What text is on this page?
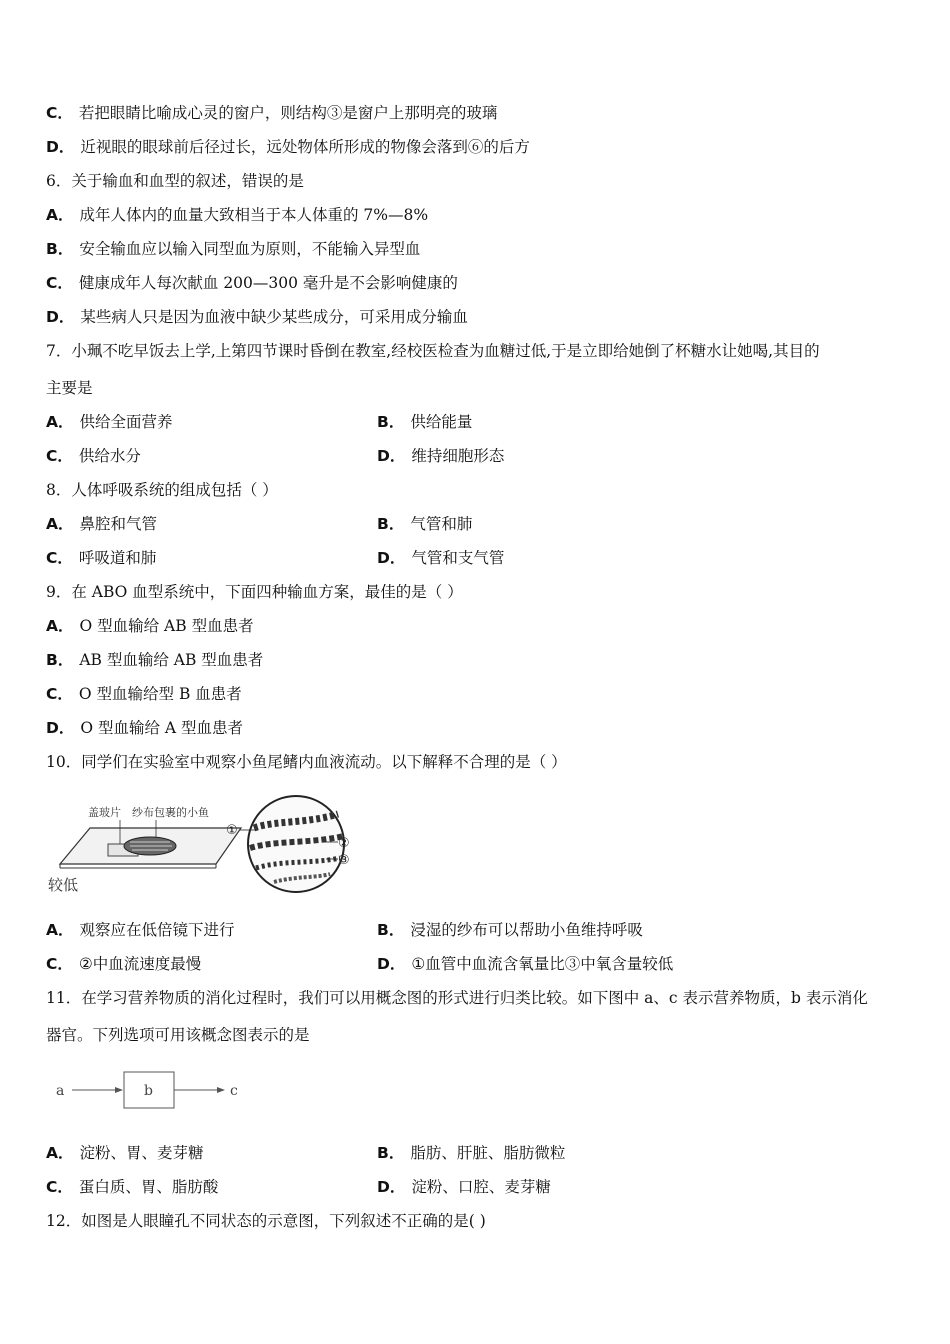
C． 若把眼睛比喻成心灵的窗户，则结构③是窗户上那明亮的玻璃
D． 近视眼的眼球前后径过长，远处物体所形成的物像会落到⑥的后方
6．关于输血和血型的叙述，错误的是
A． 成年人体内的血量大致相当于本人体重的 7%—8%
B． 安全输血应以输入同型血为原则，不能输入异型血
C． 健康成年人每次献血 200—300 毫升是不会影响健康的
D． 某些病人只是因为血液中缺少某些成分，可采用成分输血
7．小珮不吃早饭去上学,上第四节课时昏倒在教室,经校医检查为血糖过低,于是立即给她倒了杯糖水让她喝,其目的
主要是
A． 供给全面营养	B． 供给能量
C． 供给水分	D． 维持细胞形态
8．人体呼吸系统的组成包括（ ）
A． 鼻腔和气管	B． 气管和肺
C． 呼吸道和肺	D． 气管和支气管
9．在 ABO 血型系统中，下面四种输血方案，最佳的是（ ）
A． O 型血输给 AB 型血患者
B． AB 型血输给 AB 型血患者
C． O 型血输给型 B 血患者
D． O 型血输给 A 型血患者
10．同学们在实验室中观察小鱼尾鳍内血液流动。以下解释不合理的是（ ）
盖玻片 纱布包裹的小鱼
较低
①
②
③
A． 观察应在低倍镜下进行	B． 浸湿的纱布可以帮助小鱼维持呼吸
C． ②中血流速度最慢	D． ①血管中血流含氧量比③中氧含量较低
11．在学习营养物质的消化过程时，我们可以用概念图的形式进行归类比较。如下图中 a、c 表示营养物质，b 表示消化
器官。下列选项可用该概念图表示的是
a	b	c
A． 淀粉、胃、麦芽糖	B． 脂肪、肝脏、脂肪微粒
C． 蛋白质、胃、脂肪酸	D． 淀粉、口腔、麦芽糖
12．如图是人眼瞳孔不同状态的示意图，下列叙述不正确的是( )
